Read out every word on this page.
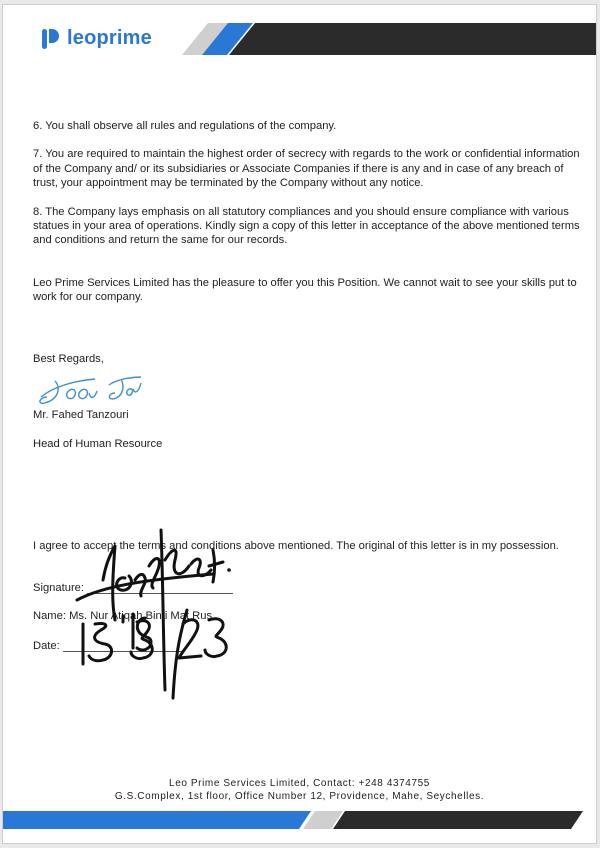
leoprime

6. You shall observe all rules and regulations of the company.

7. You are required to maintain the highest order of secrecy with regards to the work or confidential information of the Company and/ or its subsidiaries or Associate Companies if there is any and in case of any breach of trust, your appointment may be terminated by the Company without any notice.

8. The Company lays emphasis on all statutory compliances and you should ensure compliance with various statues in your area of operations. Kindly sign a copy of this letter in acceptance of the above mentioned terms and conditions and return the same for our records.

Leo Prime Services Limited has the pleasure to offer you this Position. We cannot wait to see your skills put to work for our company.

Best Regards,
Mr. Fahed Tanzouri
Head of Human Resource
I agree to accept the terms and conditions above mentioned. The original of this letter is in my possession.
Signature:
Name: Ms. Nur Atiqah Binti Mat Rus
Date:
Leo Prime Services Limited, Contact: +248 4374755
G.S.Complex, 1st floor, Office Number 12, Providence, Mahe, Seychelles.
